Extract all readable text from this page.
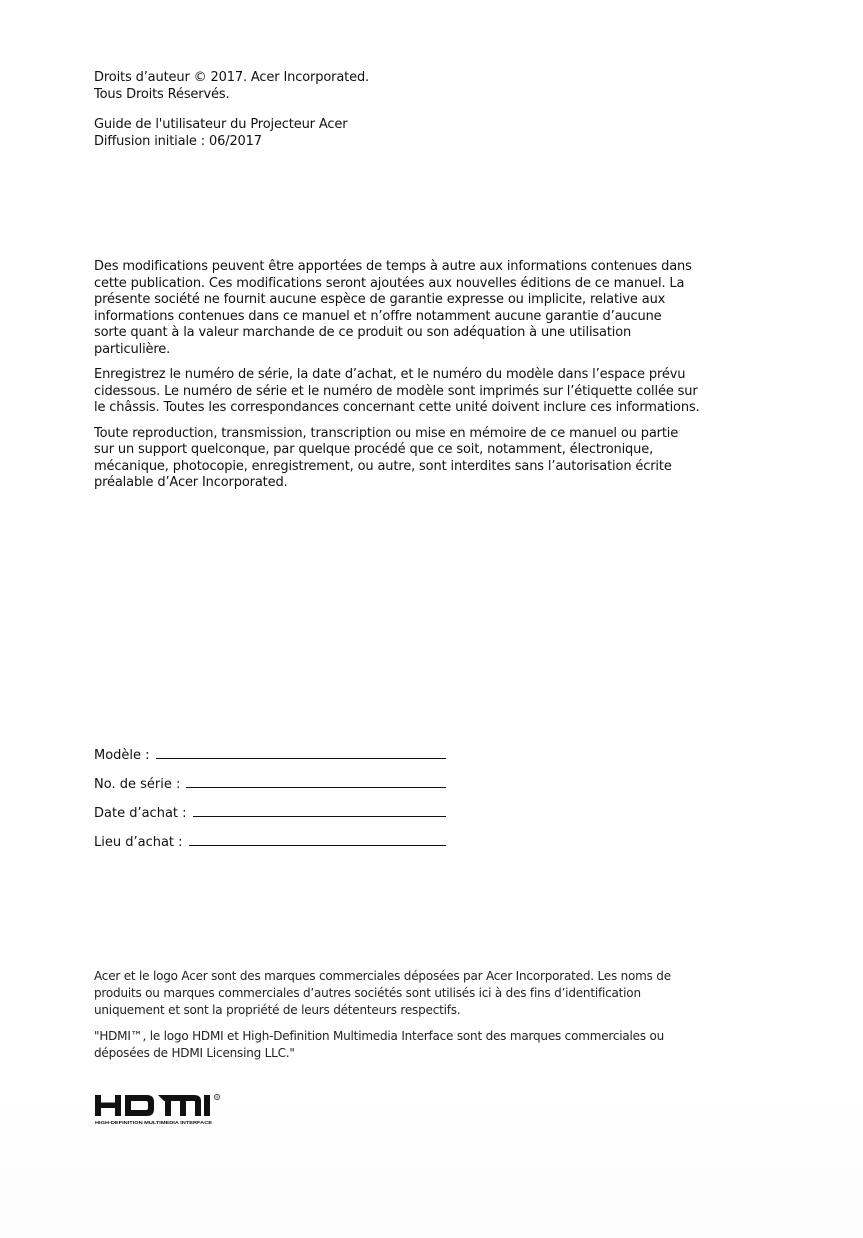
Droits d’auteur © 2017. Acer Incorporated.
Tous Droits Réservés.
Guide de l'utilisateur du Projecteur Acer
Diffusion initiale : 06/2017
Des modifications peuvent être apportées de temps à autre aux informations contenues dans
cette publication. Ces modifications seront ajoutées aux nouvelles éditions de ce manuel. La
présente société ne fournit aucune espèce de garantie expresse ou implicite, relative aux
informations contenues dans ce manuel et n’offre notamment aucune garantie d’aucune
sorte quant à la valeur marchande de ce produit ou son adéquation à une utilisation
particulière.
Enregistrez le numéro de série, la date d’achat, et le numéro du modèle dans l’espace prévu
cidessous. Le numéro de série et le numéro de modèle sont imprimés sur l’étiquette collée sur
le châssis. Toutes les correspondances concernant cette unité doivent inclure ces informations.
Toute reproduction, transmission, transcription ou mise en mémoire de ce manuel ou partie
sur un support quelconque, par quelque procédé que ce soit, notamment, électronique,
mécanique, photocopie, enregistrement, ou autre, sont interdites sans l’autorisation écrite
préalable d’Acer Incorporated.
Modèle :
No. de série :
Date d’achat :
Lieu d’achat :
Acer et le logo Acer sont des marques commerciales déposées par Acer Incorporated. Les noms de
produits ou marques commerciales d’autres sociétés sont utilisés ici à des fins d’identification
uniquement et sont la propriété de leurs détenteurs respectifs.
"HDMI™, le logo HDMI et High-Definition Multimedia Interface sont des marques commerciales ou
déposées de HDMI Licensing LLC."
®
HIGH-DEFINITION MULTIMEDIA INTERFACE
